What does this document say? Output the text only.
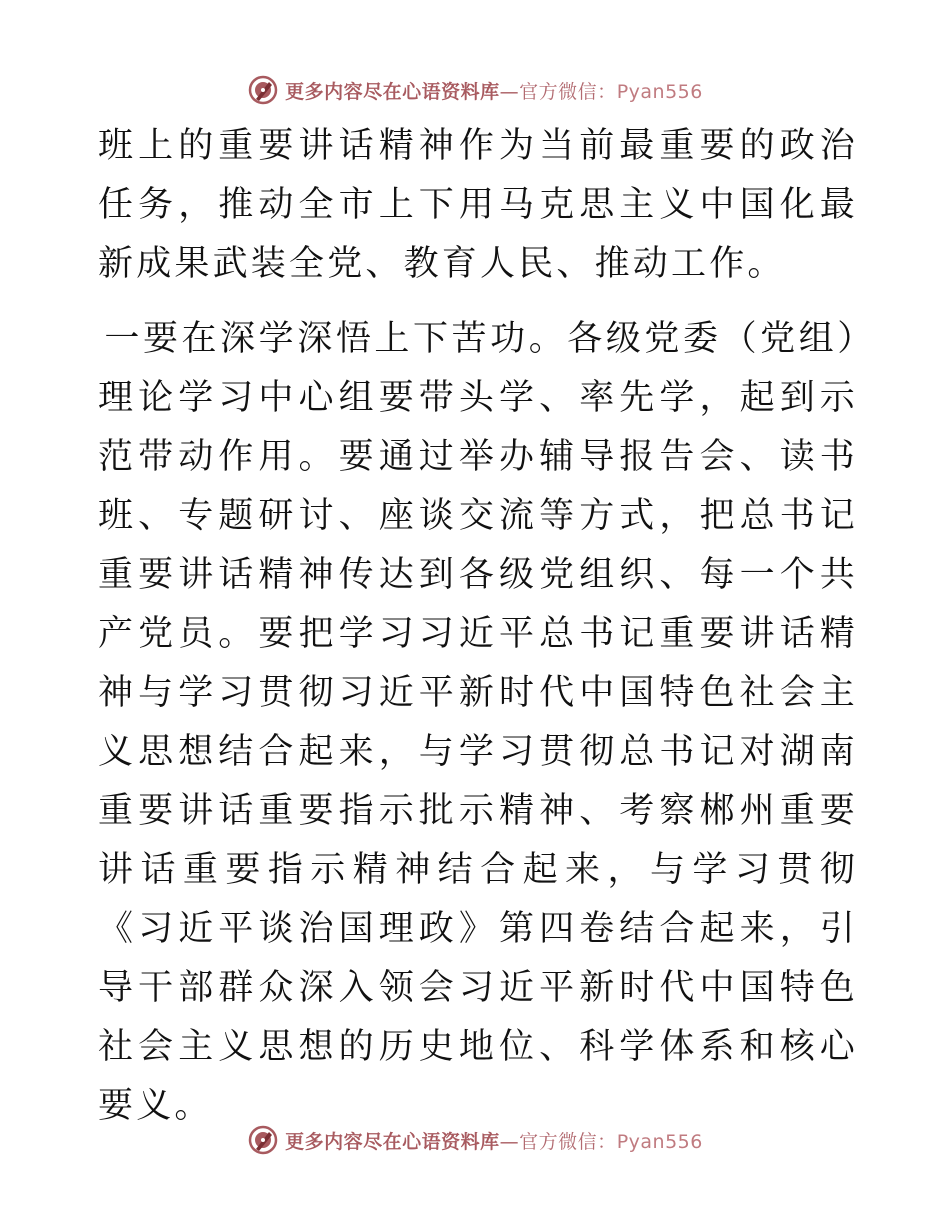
更多内容尽在心语资料库—官方微信：Pyan556

班上的重要讲话精神作为当前最重要的政治任务，推动全市上下用马克思主义中国化最新成果武装全党、教育人民、推动工作。

一要在深学深悟上下苦功。各级党委（党组）理论学习中心组要带头学、率先学，起到示范带动作用。要通过举办辅导报告会、读书班、专题研讨、座谈交流等方式，把总书记重要讲话精神传达到各级党组织、每一个共产党员。要把学习习近平总书记重要讲话精神与学习贯彻习近平新时代中国特色社会主义思想结合起来，与学习贯彻总书记对湖南重要讲话重要指示批示精神、考察郴州重要讲话重要指示精神结合起来，与学习贯彻《习近平谈治国理政》第四卷结合起来，引导干部群众深入领会习近平新时代中国特色社会主义思想的历史地位、科学体系和核心要义。

更多内容尽在心语资料库—官方微信：Pyan556
